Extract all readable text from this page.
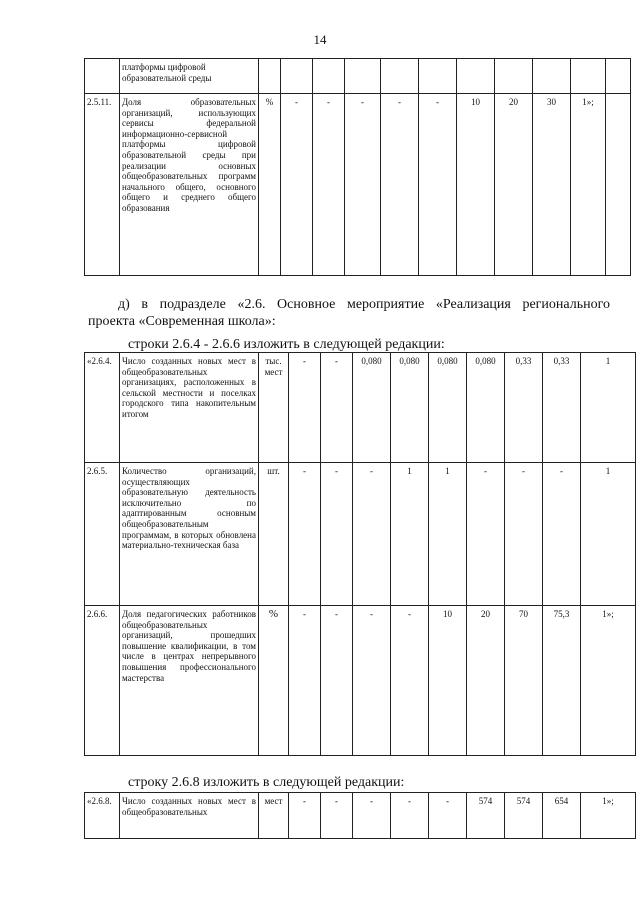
14
	платформы цифровой образовательной среды											
2.5.11.	Доля образовательных организаций, использующих сервисы федеральной информационно-сервисной платформы цифровой образовательной среды при реализации основных общеобразовательных программ начального общего, основного общего и среднего общего образования	%	-	-	-	-	-	10	20	30	1»;	
д) в подразделе «2.6. Основное мероприятие «Реализация регионального
проекта «Современная школа»:
строки 2.6.4 - 2.6.6 изложить в следующей редакции:
«2.6.4.	Число созданных новых мест в общеобразовательных организациях, расположенных в сельской местности и поселках городского типа накопительным итогом	тыс. мест	-	-	0,080	0,080	0,080	0,080	0,33	0,33	1
2.6.5.	Количество организаций, осуществляющих образовательную деятельность исключительно по адаптированным основным общеобразовательным программам, в которых обновлена материально-техническая база	шт.	-	-	-	1	1	-	-	-	1
2.6.6.	Доля педагогических работников общеобразовательных организаций, прошедших повышение квалификации, в том числе в центрах непрерывного повышения профессионального мастерства	%	-	-	-	-	10	20	70	75,3	1»;
строку 2.6.8 изложить в следующей редакции:
«2.6.8.	Число созданных новых мест в общеобразовательных	мест	-	-	-	-	-	574	574	654	1»;
